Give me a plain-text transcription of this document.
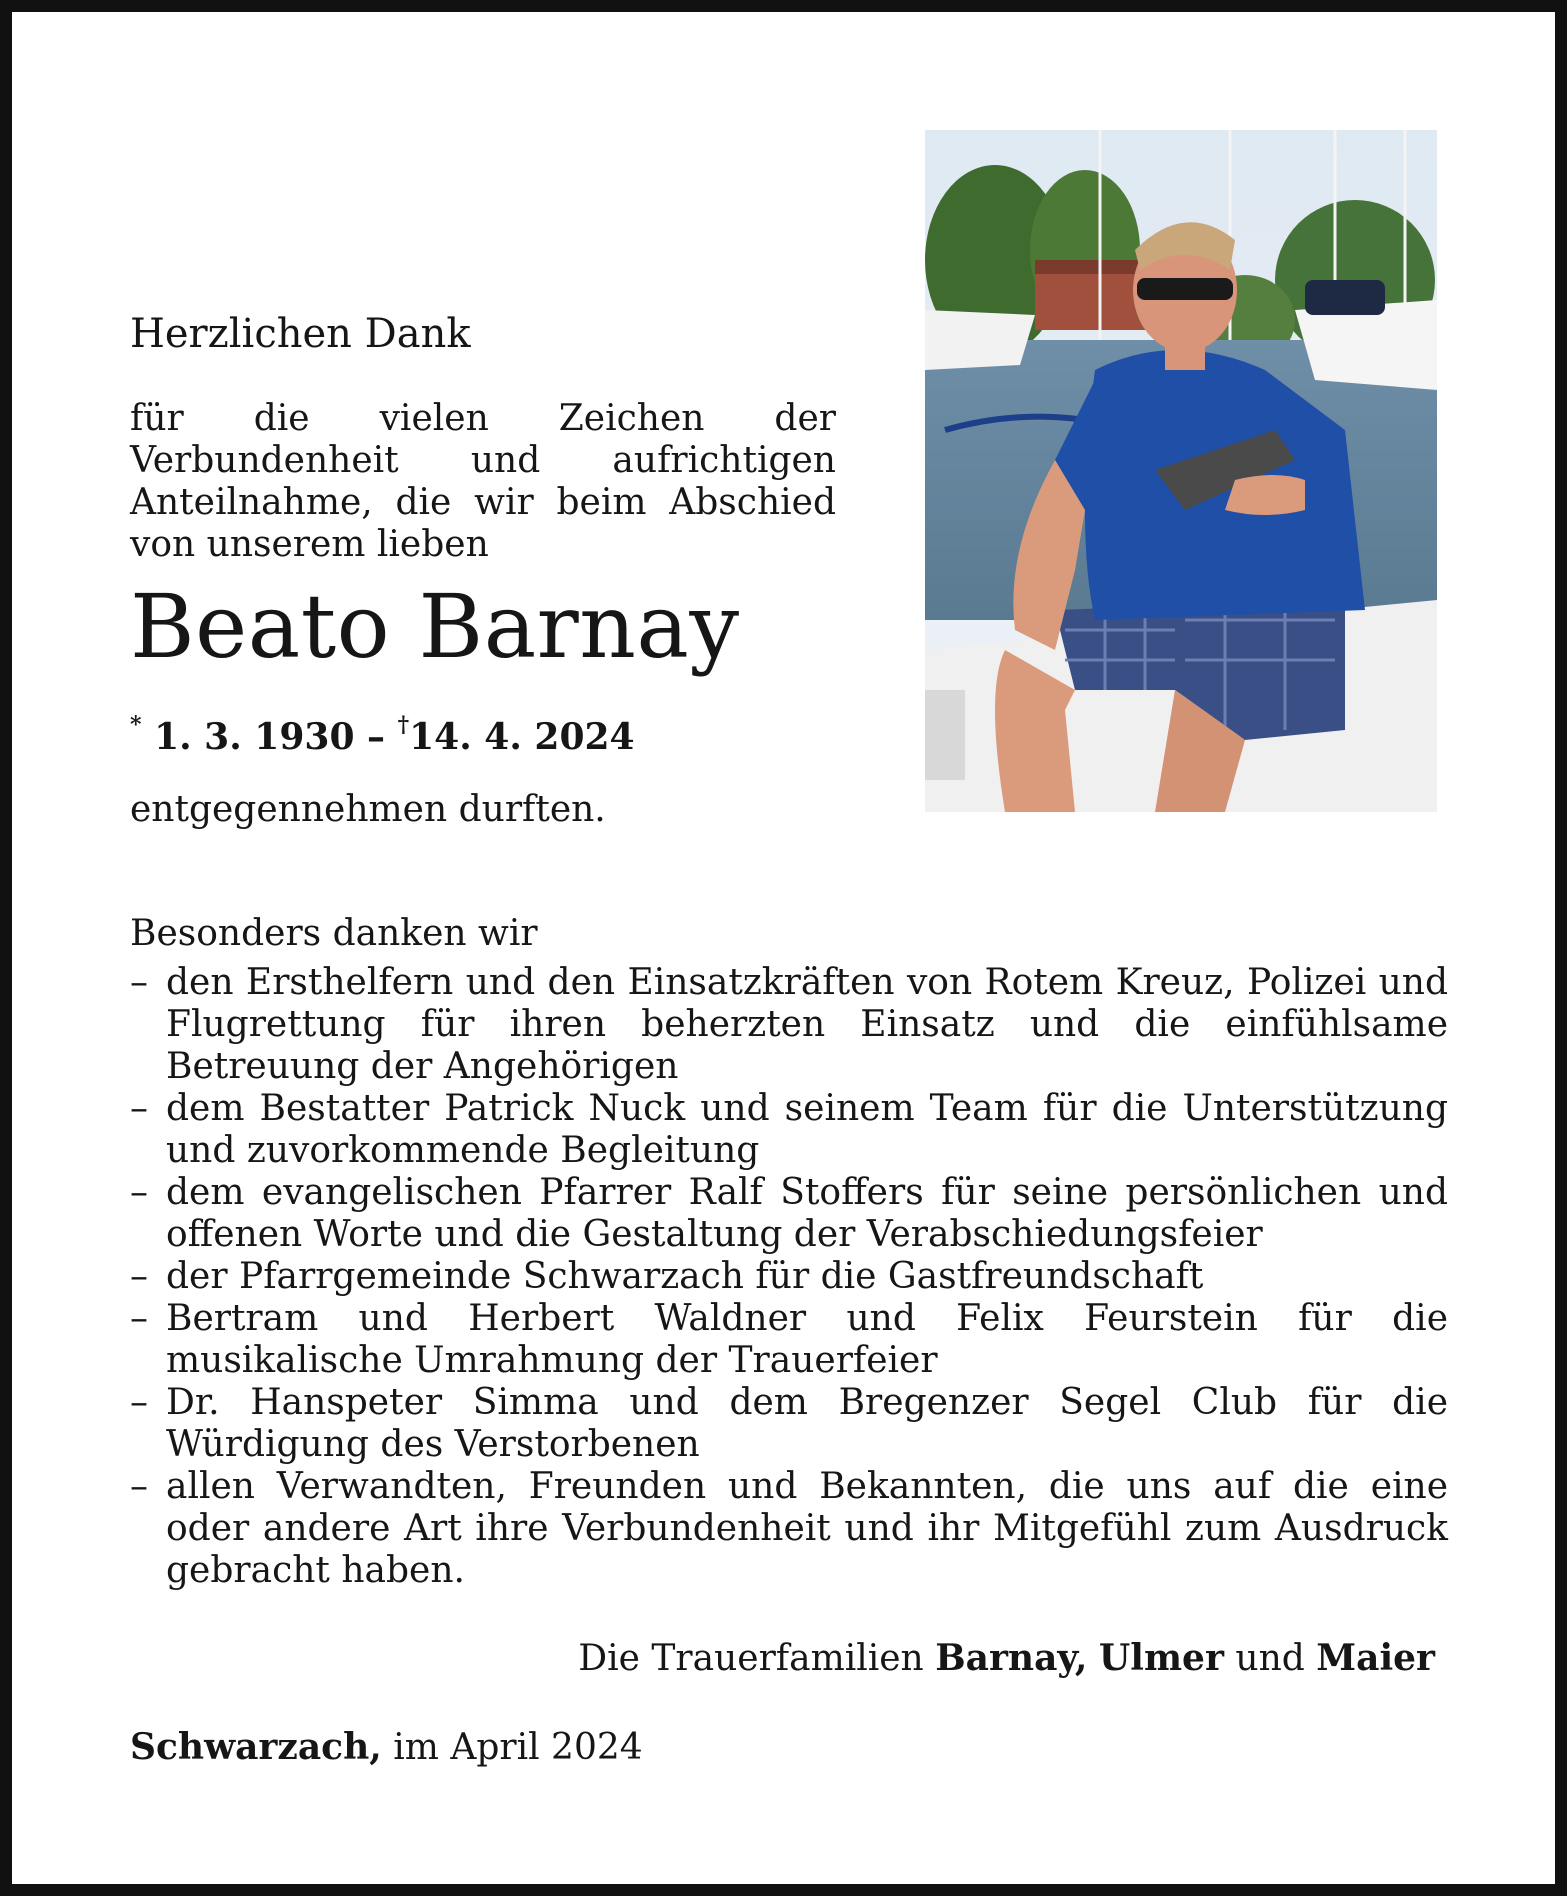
Herzlichen Dank
für die vielen Zeichen der Verbundenheit und aufrichtigen Anteilnahme, die wir beim Abschied von unserem lieben
Beato Barnay
* 1. 3. 1930 – †14. 4. 2024
entgegennehmen durften.
Besonders danken wir
– den Ersthelfern und den Einsatzkräften von Rotem Kreuz, Polizei und Flugrettung für ihren beherzten Einsatz und die einfühlsame Betreuung der Angehörigen
– dem Bestatter Patrick Nuck und seinem Team für die Unterstützung und zuvorkommende Begleitung
– dem evangelischen Pfarrer Ralf Stoffers für seine persönlichen und offenen Worte und die Gestaltung der Verabschiedungsfeier
– der Pfarrgemeinde Schwarzach für die Gastfreundschaft
– Bertram und Herbert Waldner und Felix Feurstein für die musikalische Umrahmung der Trauerfeier
– Dr. Hanspeter Simma und dem Bregenzer Segel Club für die Würdigung des Verstorbenen
– allen Verwandten, Freunden und Bekannten, die uns auf die eine oder andere Art ihre Verbundenheit und ihr Mitgefühl zum Ausdruck gebracht haben.
Die Trauerfamilien Barnay, Ulmer und Maier
Schwarzach, im April 2024
